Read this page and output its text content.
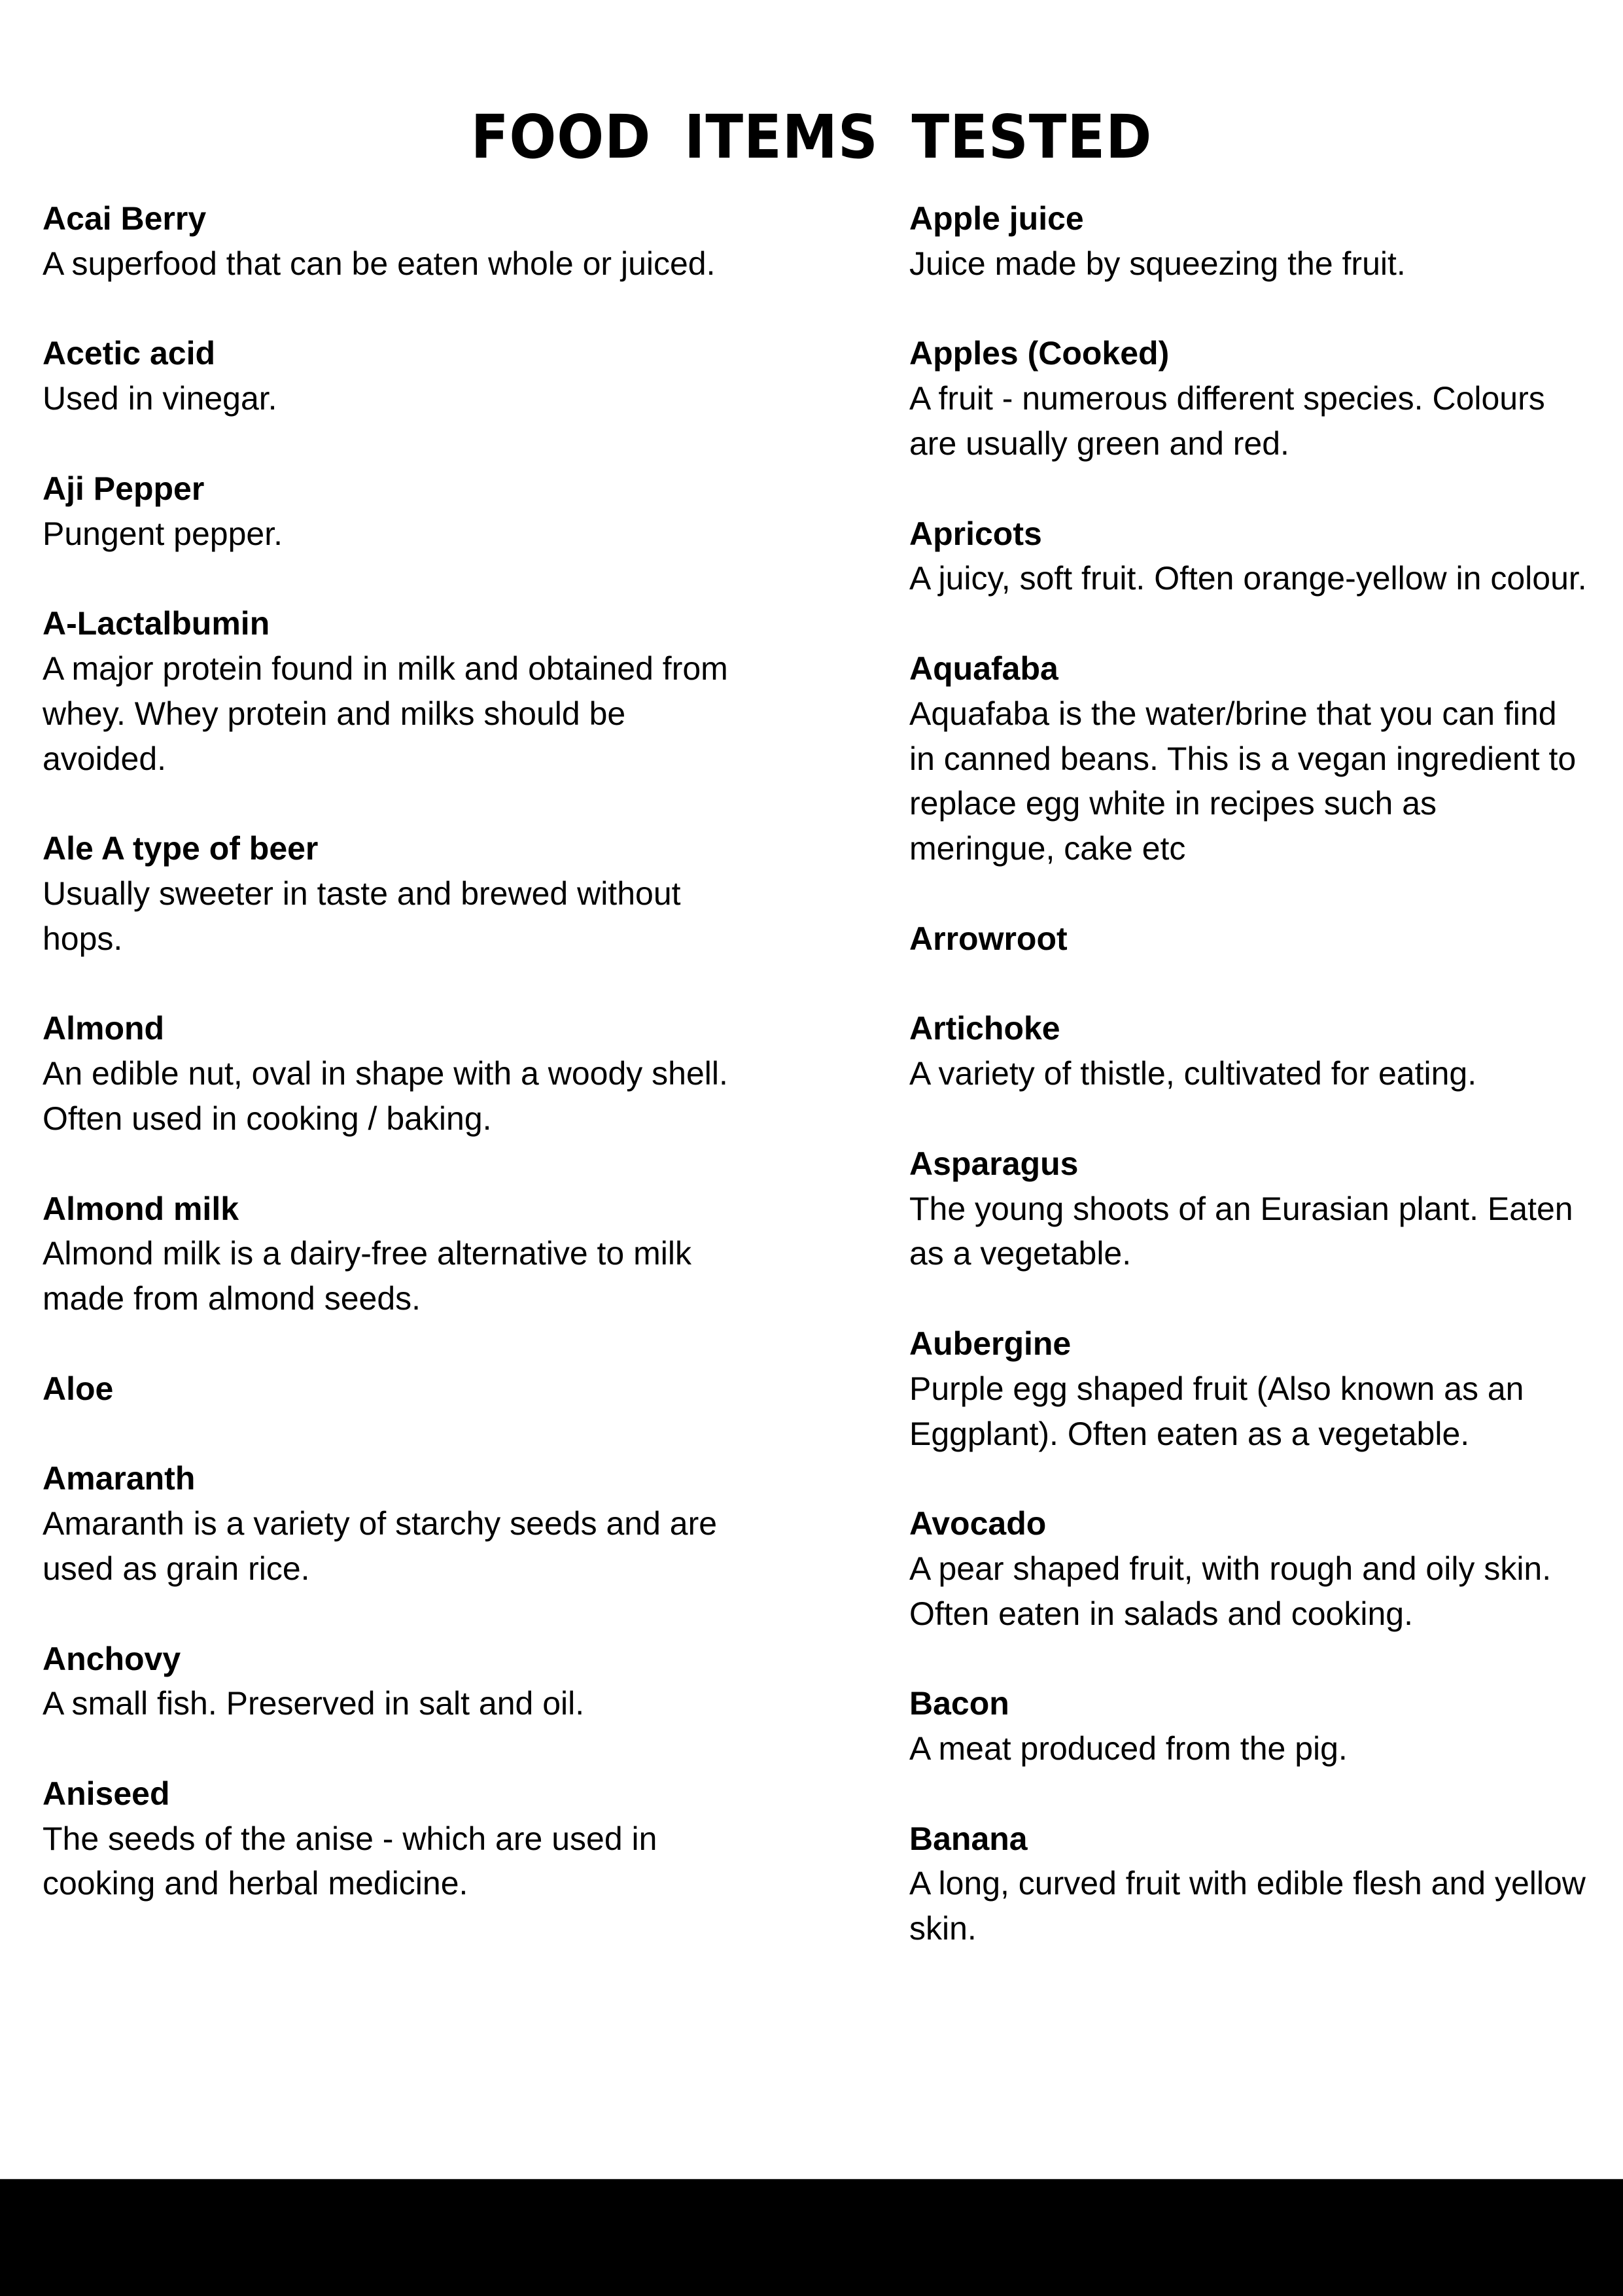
FOOD ITEMS TESTED

Acai Berry

A superfood that can be eaten whole or juiced.

Acetic acid

Used in vinegar.

Aji Pepper

Pungent pepper.

A-Lactalbumin

A major protein found in milk and obtained from whey. Whey protein and milks should be avoided.

Ale A type of beer

Usually sweeter in taste and brewed without hops.

Almond

An edible nut, oval in shape with a woody shell. Often used in cooking / baking.

Almond milk

Almond milk is a dairy-free alternative to milk made from almond seeds.

Aloe

Amaranth

Amaranth is a variety of starchy seeds and are used as grain rice.

Anchovy

A small fish. Preserved in salt and oil.

Aniseed

The seeds of the anise - which are used in cooking and herbal medicine.

Apple juice

Juice made by squeezing the fruit.

Apples (Cooked)

A fruit - numerous different species. Colours are usually green and red.

Apricots

A juicy, soft fruit. Often orange-yellow in colour.

Aquafaba

Aquafaba is the water/brine that you can find in canned beans. This is a vegan ingredient to replace egg white in recipes such as meringue, cake etc

Arrowroot

Artichoke

A variety of thistle, cultivated for eating.

Asparagus

The young shoots of an Eurasian plant. Eaten as a vegetable.

Aubergine

Purple egg shaped fruit (Also known as an Eggplant). Often eaten as a vegetable.

Avocado

A pear shaped fruit, with rough and oily skin. Often eaten in salads and cooking.

Bacon

A meat produced from the pig.

Banana

A long, curved fruit with edible flesh and yellow skin.
